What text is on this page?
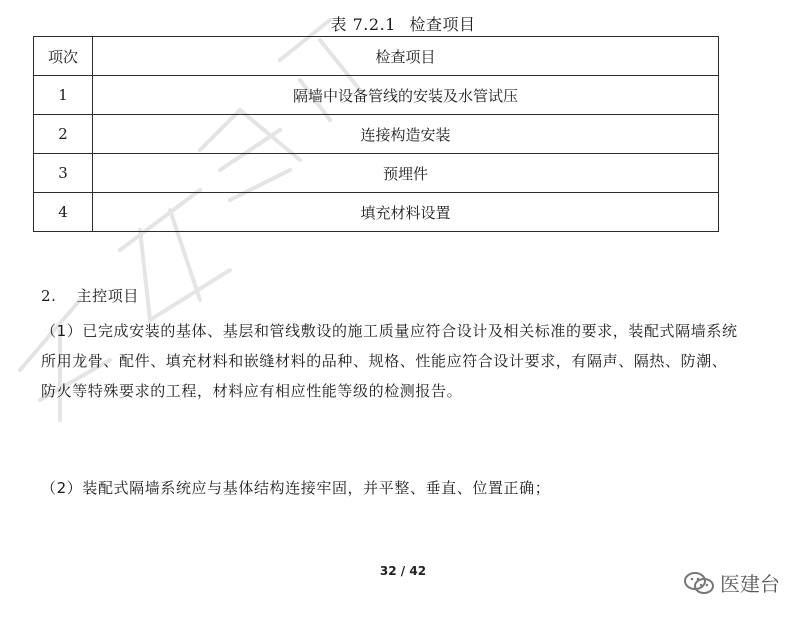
表 7.2.1 检查项目
项次	检查项目
1	隔墙中设备管线的安装及水管试压
2	连接构造安装
3	预埋件
4	填充材料设置
2. 主控项目
（1）已完成安装的基体、基层和管线敷设的施工质量应符合设计及相关标准的要求，装配式隔墙系统所用龙骨、配件、填充材料和嵌缝材料的品种、规格、性能应符合设计要求，有隔声、隔热、防潮、防火等特殊要求的工程，材料应有相应性能等级的检测报告。
（2）装配式隔墙系统应与基体结构连接牢固，并平整、垂直、位置正确；
32 / 42
医建台
